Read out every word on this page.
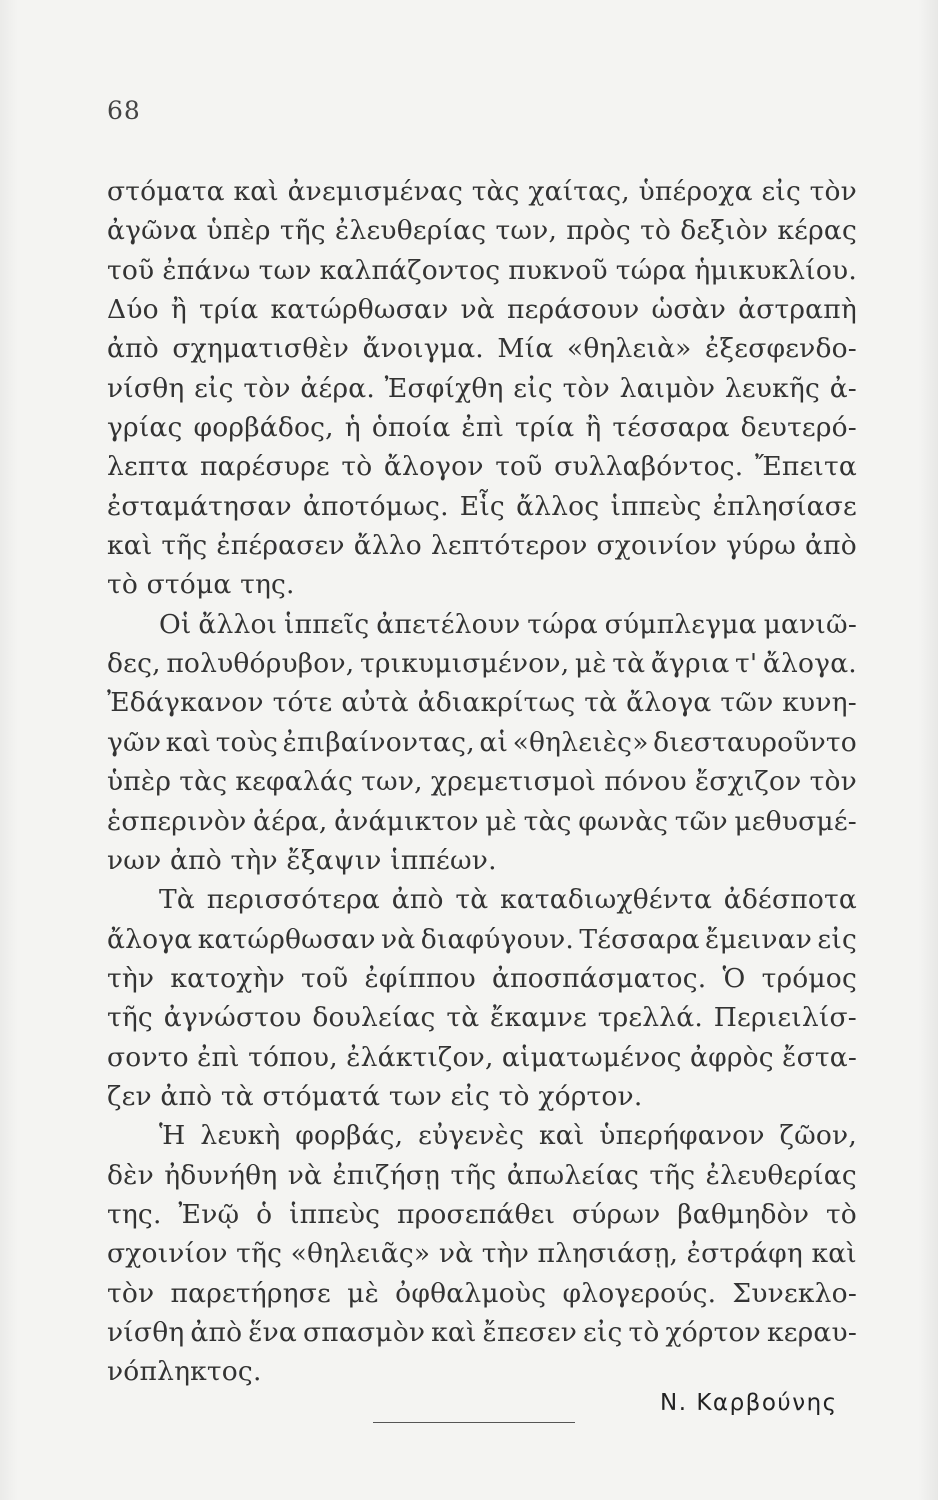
68
στόματα καὶ ἀνεμισμένας τὰς χαίτας, ὑπέροχα εἰς τὸν
ἀγῶνα ὑπὲρ τῆς ἐλευθερίας των, πρὸς τὸ δεξιὸν κέρας
τοῦ ἐπάνω των καλπάζοντος πυκνοῦ τώρα ἡμικυκλίου.
Δύο ἢ τρία κατώρθωσαν νὰ περάσουν ὡσὰν ἀστραπὴ
ἀπὸ σχηματισθὲν ἄνοιγμα. Μία «θηλειὰ» ἐξεσφενδο-
νίσθη εἰς τὸν ἀέρα. Ἐσφίχθη εἰς τὸν λαιμὸν λευκῆς ἀ-
γρίας φορβάδος, ἡ ὁποία ἐπὶ τρία ἢ τέσσαρα δευτερό-
λεπτα παρέσυρε τὸ ἄλογον τοῦ συλλαβόντος. Ἔπειτα
ἐσταμάτησαν ἀποτόμως. Εἷς ἄλλος ἱππεὺς ἐπλησίασε
καὶ τῆς ἐπέρασεν ἄλλο λεπτότερον σχοινίον γύρω ἀπὸ
τὸ στόμα της.
Οἱ ἄλλοι ἱππεῖς ἀπετέλουν τώρα σύμπλεγμα μανιῶ-
δες, πολυθόρυβον, τρικυμισμένον, μὲ τὰ ἄγρια τ' ἄλογα.
Ἐδάγκανον τότε αὐτὰ ἀδιακρίτως τὰ ἄλογα τῶν κυνη-
γῶν καὶ τοὺς ἐπιβαίνοντας, αἱ «θηλειὲς» διεσταυροῦντο
ὑπὲρ τὰς κεφαλάς των, χρεμετισμοὶ πόνου ἔσχιζον τὸν
ἑσπερινὸν ἀέρα, ἀνάμικτον μὲ τὰς φωνὰς τῶν μεθυσμέ-
νων ἀπὸ τὴν ἔξαψιν ἱππέων.
Τὰ περισσότερα ἀπὸ τὰ καταδιωχθέντα ἀδέσποτα
ἄλογα κατώρθωσαν νὰ διαφύγουν. Τέσσαρα ἔμειναν εἰς
τὴν κατοχὴν τοῦ ἐφίππου ἀποσπάσματος. Ὁ τρόμος
τῆς ἀγνώστου δουλείας τὰ ἔκαμνε τρελλά. Περιειλίσ-
σοντο ἐπὶ τόπου, ἐλάκτιζον, αἱματωμένος ἀφρὸς ἔστα-
ζεν ἀπὸ τὰ στόματά των εἰς τὸ χόρτον.
Ἡ λευκὴ φορβάς, εὐγενὲς καὶ ὑπερήφανον ζῶον,
δὲν ἠδυνήθη νὰ ἐπιζήσῃ τῆς ἀπωλείας τῆς ἐλευθερίας
της. Ἐνῷ ὁ ἱππεὺς προσεπάθει σύρων βαθμηδὸν τὸ
σχοινίον τῆς «θηλειᾶς» νὰ τὴν πλησιάσῃ, ἐστράφη καὶ
τὸν παρετήρησε μὲ ὀφθαλμοὺς φλογερούς. Συνεκλο-
νίσθη ἀπὸ ἕνα σπασμὸν καὶ ἔπεσεν εἰς τὸ χόρτον κεραυ-
νόπληκτος.
Ν. Καρβούνης
